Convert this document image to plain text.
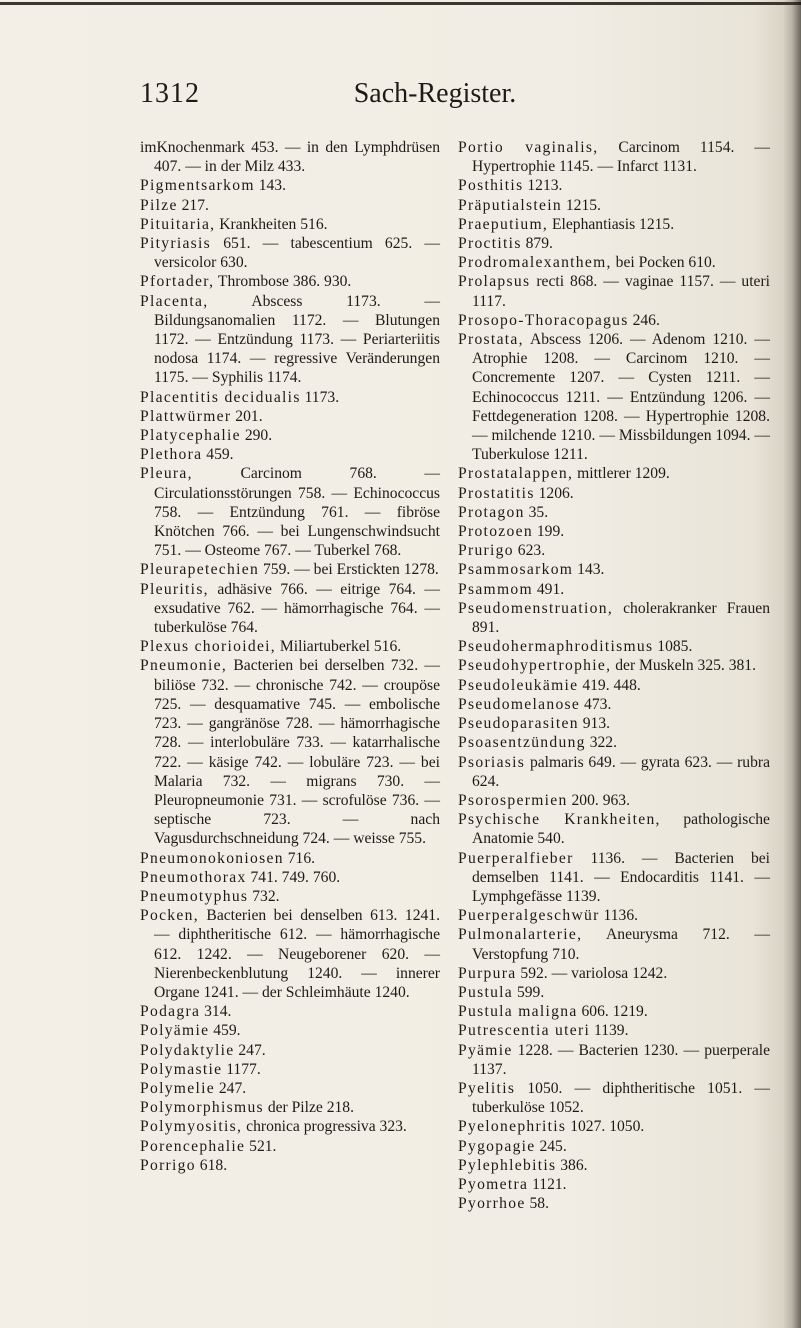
1312	Sach-Register.
imKnochenmark 453. — in den Lymphdrüsen 407. — in der Milz 433.
Pigmentsarkom 143.
Pilze 217.
Pituitaria, Krankheiten 516.
Pityriasis 651. — tabescentium 625. — versicolor 630.
Pfortader, Thrombose 386. 930.
Placenta,	Abscess 1173. — Bildungsanomalien 1172. — Blutungen 1172. — Entzündung 1173. — Periarteriitis nodosa 1174. — regressive Veränderungen 1175. — Syphilis 1174.
Placentitis decidualis 1173.
Plattwürmer 201.
Platycephalie 290.
Plethora 459.
Pleura,	Carcinom 768. — Circulationsstörungen 758. — Echinococcus 758. — Entzündung 761. — fibröse Knötchen 766. — bei Lungenschwindsucht 751. — Osteome 767. — Tuberkel 768.
Pleurapetechien 759. — bei Erstickten 1278.
Pleuritis, adhäsive 766. — eitrige 764. — exsudative 762. — hämorrhagische 764. — tuberkulöse 764.
Plexus chorioidei, Miliartuberkel 516.
Pneumonie, Bacterien bei derselben 732. — biliöse 732. — chronische 742. — croupöse 725. — desquamative 745. — embolische 723. — gangränöse 728. — hämorrhagische 728. — interlobuläre 733. — katarrhalische 722. — käsige 742. — lobuläre 723. — bei Malaria 732. — migrans 730. — Pleuropneumonie 731. — scrofulöse 736. — septische 723. — nach Vagusdurchschneidung 724. — weisse 755.
Pneumonokoniosen 716.
Pneumothorax 741. 749. 760.
Pneumotyphus 732.
Pocken, Bacterien bei denselben 613. 1241. — diphtheritische 612. — hämorrhagische 612. 1242. — Neugeborener 620. — Nierenbeckenblutung 1240. — innerer Organe 1241. — der Schleimhäute 1240.
Podagra 314.
Polyämie 459.
Polydaktylie 247.
Polymastie 1177.
Polymelie 247.
Polymorphismus der Pilze 218.
Polymyositis, chronica progressiva 323.
Porencephalie 521.
Porrigo 618.
Portio vaginalis, Carcinom 1154. — Hypertrophie 1145. — Infarct 1131.
Posthitis 1213.
Präputialstein 1215.
Praeputium, Elephantiasis 1215.
Proctitis 879.
Prodromalexanthem, bei Pocken 610.
Prolapsus recti 868. — vaginae 1157. — uteri 1117.
Prosopo-Thoracopagus 246.
Prostata, Abscess 1206. — Adenom 1210. — Atrophie 1208. — Carcinom 1210. — Concremente 1207. — Cysten 1211. — Echinococcus 1211. — Entzündung 1206. — Fettdegeneration 1208. — Hypertrophie 1208. — milchende 1210. — Missbildungen 1094. — Tuberkulose 1211.
Prostatalappen, mittlerer 1209.
Prostatitis 1206.
Protagon 35.
Protozoen 199.
Prurigo 623.
Psammosarkom 143.
Psammom 491.
Pseudomenstruation, cholerakranker Frauen 891.
Pseudohermaphroditismus 1085.
Pseudohypertrophie, der Muskeln 325. 381.
Pseudoleukämie 419. 448.
Pseudomelanose 473.
Pseudoparasiten 913.
Psoasentzündung 322.
Psoriasis palmaris 649. — gyrata 623. — rubra 624.
Psorospermien 200. 963.
Psychische Krankheiten, pathologische Anatomie 540.
Puerperalfieber 1136. — Bacterien bei demselben 1141. — Endocarditis 1141. — Lymphgefässe 1139.
Puerperalgeschwür 1136.
Pulmonalarterie, Aneurysma 712. — Verstopfung 710.
Purpura 592. — variolosa 1242.
Pustula 599.
Pustula maligna 606. 1219.
Putrescentia uteri 1139.
Pyämie 1228. — Bacterien 1230. — puerperale 1137.
Pyelitis 1050. — diphtheritische 1051. — tuberkulöse 1052.
Pyelonephritis 1027. 1050.
Pygopagie 245.
Pylephlebitis 386.
Pyometra 1121.
Pyorrhoe 58.
